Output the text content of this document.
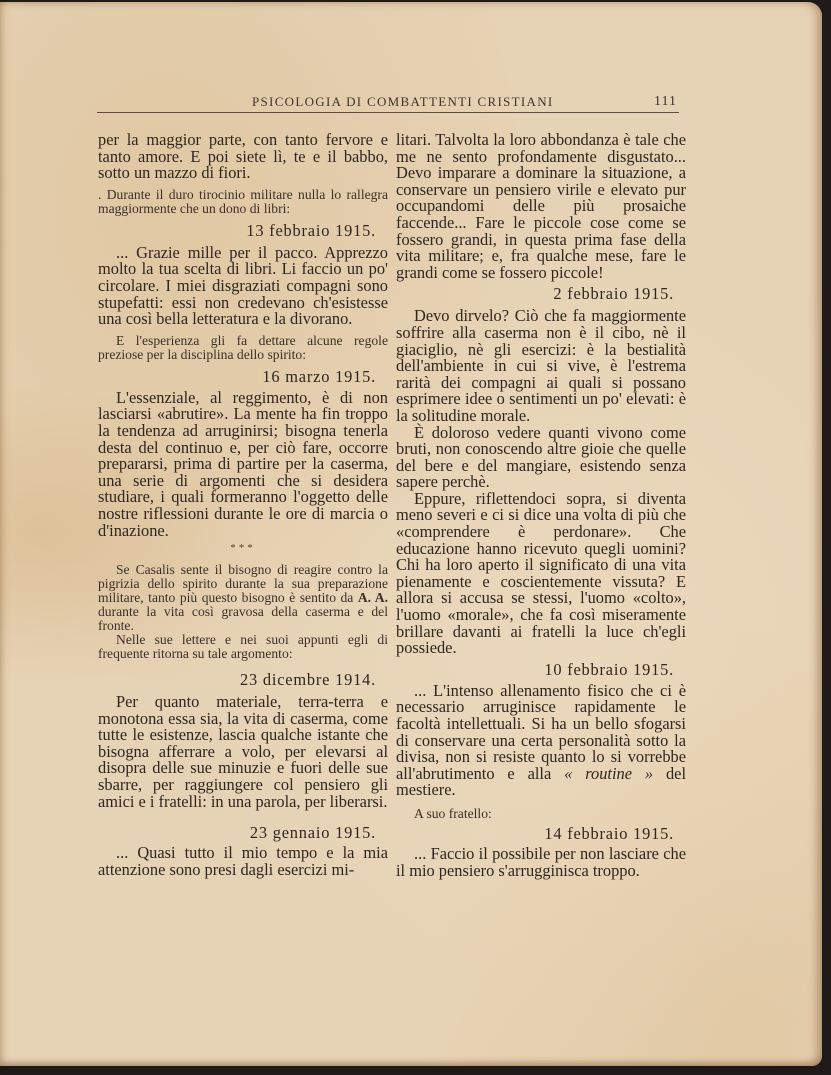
PSICOLOGIA DI COMBATTENTI CRISTIANI	111

per la maggior parte, con tanto fervore e tanto amore. E poi siete lì, te e il babbo, sotto un mazzo di fiori.

. Durante il duro tirocinio militare nulla lo rallegra maggiormente che un dono di libri:

13 febbraio 1915.

... Grazie mille per il pacco. Apprezzo molto la tua scelta di libri. Li faccio un po' circolare. I miei disgraziati compagni sono stupefatti: essi non credevano ch'esistesse una così bella letteratura e la divorano.

E l'esperienza gli fa dettare alcune regole preziose per la disciplina dello spirito:

16 marzo 1915.

L'essenziale, al reggimento, è di non lasciarsi «abrutire». La mente ha fin troppo la tendenza ad arruginirsi; bisogna tenerla desta del continuo e, per ciò fare, occorre prepararsi, prima di partire per la caserma, una serie di argomenti che si desidera studiare, i quali formeranno l'oggetto delle nostre riflessioni durante le ore di marcia o d'inazione.

***

Se Casalis sente il bisogno di reagire contro la pigrizia dello spirito durante la sua preparazione militare, tanto più questo bisogno è sentito da A. A. durante la vita così gravosa della caserma e del fronte.

Nelle sue lettere e nei suoi appunti egli di frequente ritorna su tale argomento:

23 dicembre 1914.

Per quanto materiale, terra-terra e monotona essa sia, la vita di caserma, come tutte le esistenze, lascia qualche istante che bisogna afferrare a volo, per elevarsi al disopra delle sue minuzie e fuori delle sue sbarre, per raggiungere col pensiero gli amici e i fratelli: in una parola, per liberarsi.

23 gennaio 1915.

... Quasi tutto il mio tempo e la mia attenzione sono presi dagli esercizi mi-

litari. Talvolta la loro abbondanza è tale che me ne sento profondamente disgustato... Devo imparare a dominare la situazione, a conservare un pensiero virile e elevato pur occupandomi delle più prosaiche faccende... Fare le piccole cose come se fossero grandi, in questa prima fase della vita militare; e, fra qualche mese, fare le grandi come se fossero piccole!

2 febbraio 1915.

Devo dirvelo? Ciò che fa maggiormente soffrire alla caserma non è il cibo, nè il giaciglio, nè gli esercizi: è la bestialità dell'ambiente in cui si vive, è l'estrema rarità dei compagni ai quali si possano esprimere idee o sentimenti un po' elevati: è la solitudine morale.

È doloroso vedere quanti vivono come bruti, non conoscendo altre gioie che quelle del bere e del mangiare, esistendo senza sapere perchè.

Eppure, riflettendoci sopra, si diventa meno severi e ci si dice una volta di più che «comprendere è perdonare». Che educazione hanno ricevuto quegli uomini? Chi ha loro aperto il significato di una vita pienamente e coscientemente vissuta? E allora si accusa se stessi, l'uomo «colto», l'uomo «morale», che fa così miseramente brillare davanti ai fratelli la luce ch'egli possiede.

10 febbraio 1915.

... L'intenso allenamento fisico che ci è necessario arruginisce rapidamente le facoltà intellettuali. Si ha un bello sfogarsi di conservare una certa personalità sotto la divisa, non si resiste quanto lo si vorrebbe all'abrutimento e alla « routine » del mestiere.

A suo fratello:

14 febbraio 1915.

... Faccio il possibile per non lasciare che il mio pensiero s'arrugginisca troppo.
